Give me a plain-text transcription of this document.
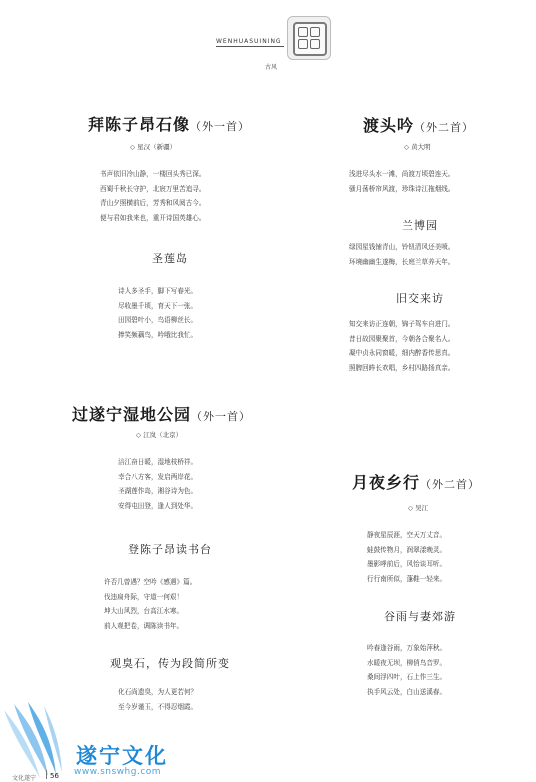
WENHUASUINING
古风
拜陈子昂石像（外一首）
◇ 星汉（新疆）
书声依旧冷山静，一楼回头秀已深。
西蜀千秋长守护，北宸万里苦追寻。
青山夕照横前后，芳秀和风阅古今。
便与君如我来也，重开诗国英雄心。
圣莲岛
诗人多圣手，脚下写春光。
尽收墨千顷，育天下一张。
田园碧叶小，鸟语柳丝长。
捧笑频藕鸟，吟哦比我忙。
过遂宁湿地公园（外一首）
◇ 江岚（北京）
涪江奋日暖，湿地枝桥祥。
幸合八方客，发启两岸花。
圣湖莲作岛，湘谷诗为色。
安得屯田登，逢人到处华。
登陈子昂读书台
许否几曾遇？空吟《感遇》篇。
伐违扁舟际，守道一何艰！
坤大山风烈，台高江水寒。
前人观把卷，调陈读书年。
观臭石，传为段简所变
化石尚遗臭，为人更若何？
至今岁谨玉，不得忍烟霞。
渡头吟（外二首）
◇ 黄大明
浅进尽头水一滩，尚渡万顷碧连天。
骚月荡桥帘风渡，珍珠诗江拖烟线。
兰博园
绿园星钱铺青山，铃钮清风还美喷。
环境幽幽生遂梅，长庭兰草养天年。
旧交来访
知交来访正连朝，锦子驾车自进门。
昔日故园聚聚首，今朝各合聚名人。
凝中贞永同窗暖，细内醉香传思真。
照脾回眸长欢唱，乡村四路扬真亲。
月夜乡行（外二首）
◇ 吴江
静夜星辰涯，空天万丈音。
蛙鼓传物月，润翠漾晚灵。
墨影哮前后，风怡谈耳听。
行行南所似，蓬鞋一轻来。
谷雨与妻郊游
吟春逢谷雨，万象始萍秋。
水暖夜无坝，柳俏鸟音罗。
桑间浮四叶，石上作三生。
执手风云处，白山送溪春。
遂宁文化
www.snswhg.com
文化遂宁 56
